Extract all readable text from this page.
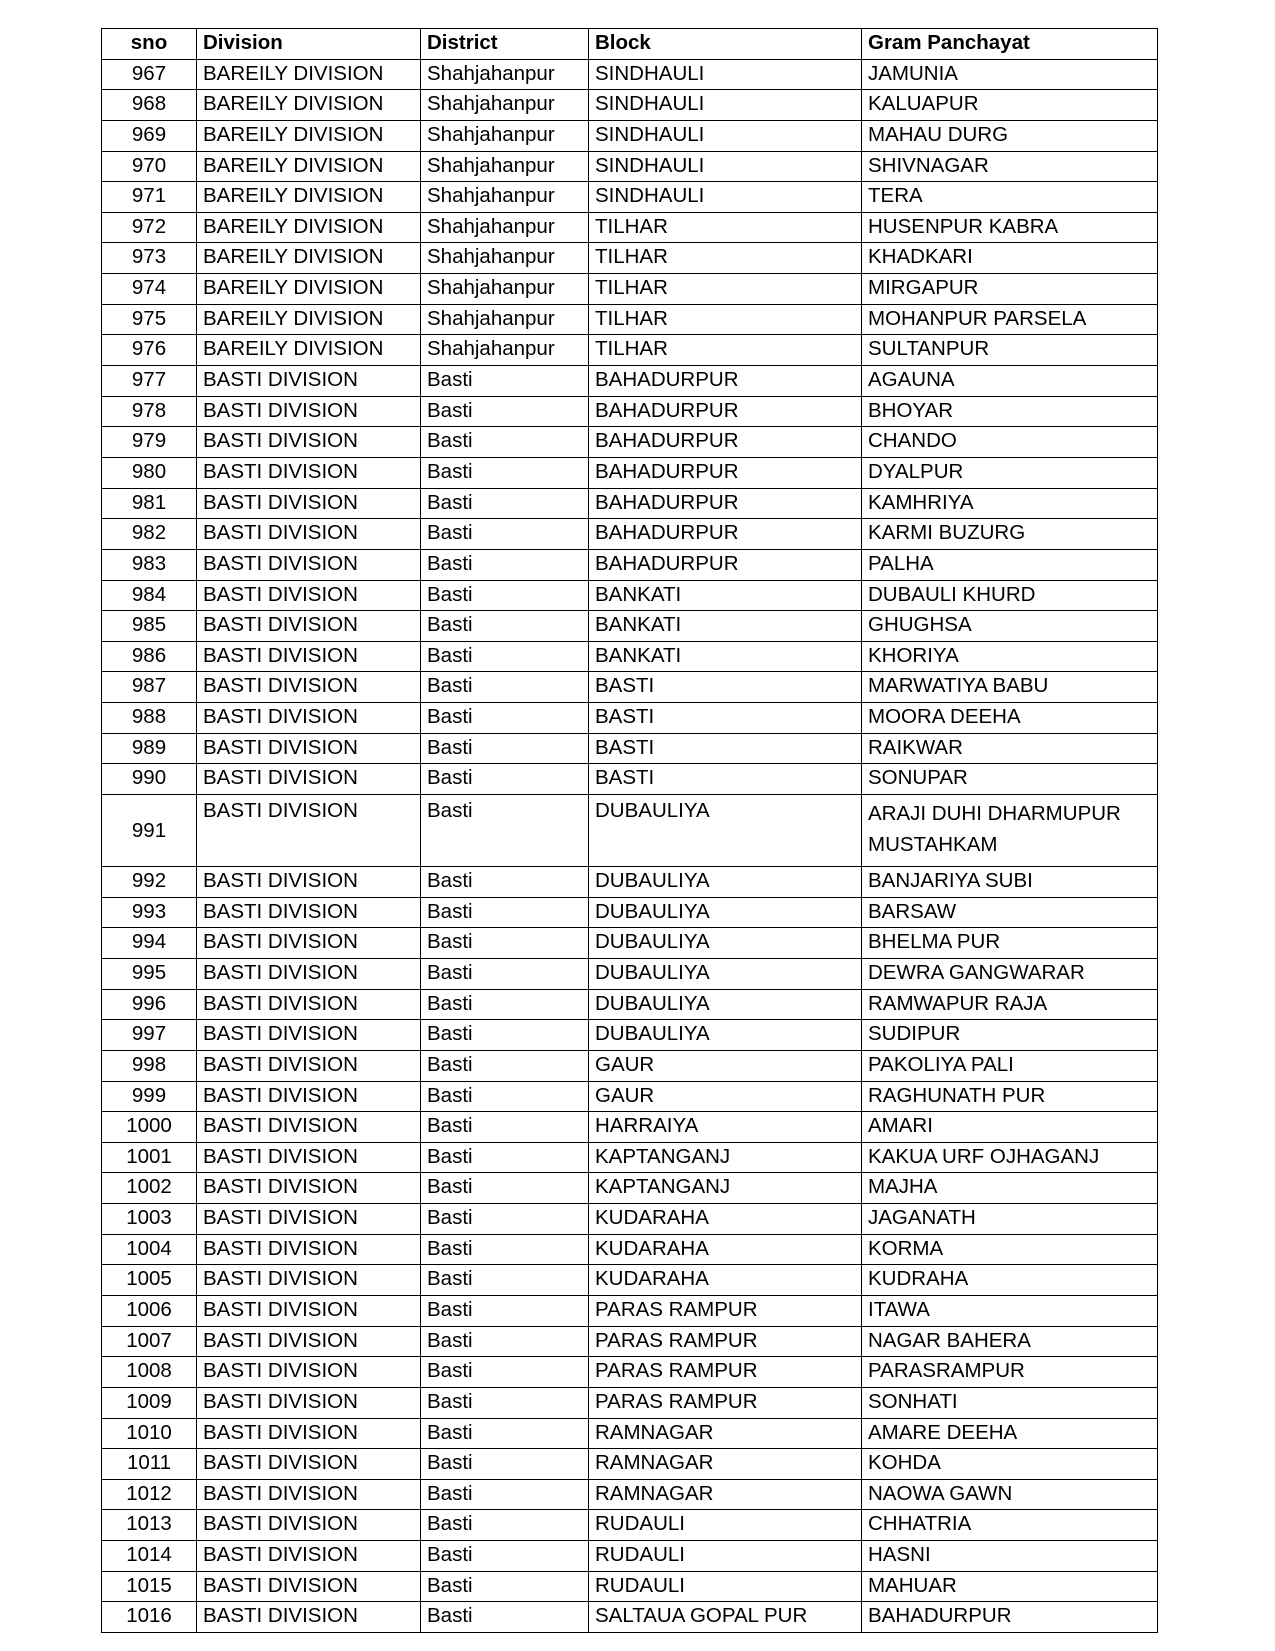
sno	Division	District	Block	Gram Panchayat
967	BAREILY DIVISION	Shahjahanpur	SINDHAULI	JAMUNIA
968	BAREILY DIVISION	Shahjahanpur	SINDHAULI	KALUAPUR
969	BAREILY DIVISION	Shahjahanpur	SINDHAULI	MAHAU DURG
970	BAREILY DIVISION	Shahjahanpur	SINDHAULI	SHIVNAGAR
971	BAREILY DIVISION	Shahjahanpur	SINDHAULI	TERA
972	BAREILY DIVISION	Shahjahanpur	TILHAR	HUSENPUR KABRA
973	BAREILY DIVISION	Shahjahanpur	TILHAR	KHADKARI
974	BAREILY DIVISION	Shahjahanpur	TILHAR	MIRGAPUR
975	BAREILY DIVISION	Shahjahanpur	TILHAR	MOHANPUR PARSELA
976	BAREILY DIVISION	Shahjahanpur	TILHAR	SULTANPUR
977	BASTI DIVISION	Basti	BAHADURPUR	AGAUNA
978	BASTI DIVISION	Basti	BAHADURPUR	BHOYAR
979	BASTI DIVISION	Basti	BAHADURPUR	CHANDO
980	BASTI DIVISION	Basti	BAHADURPUR	DYALPUR
981	BASTI DIVISION	Basti	BAHADURPUR	KAMHRIYA
982	BASTI DIVISION	Basti	BAHADURPUR	KARMI BUZURG
983	BASTI DIVISION	Basti	BAHADURPUR	PALHA
984	BASTI DIVISION	Basti	BANKATI	DUBAULI KHURD
985	BASTI DIVISION	Basti	BANKATI	GHUGHSA
986	BASTI DIVISION	Basti	BANKATI	KHORIYA
987	BASTI DIVISION	Basti	BASTI	MARWATIYA BABU
988	BASTI DIVISION	Basti	BASTI	MOORA DEEHA
989	BASTI DIVISION	Basti	BASTI	RAIKWAR
990	BASTI DIVISION	Basti	BASTI	SONUPAR
991	BASTI DIVISION	Basti	DUBAULIYA	ARAJI DUHI DHARMUPUR MUSTAHKAM
992	BASTI DIVISION	Basti	DUBAULIYA	BANJARIYA SUBI
993	BASTI DIVISION	Basti	DUBAULIYA	BARSAW
994	BASTI DIVISION	Basti	DUBAULIYA	BHELMA PUR
995	BASTI DIVISION	Basti	DUBAULIYA	DEWRA GANGWARAR
996	BASTI DIVISION	Basti	DUBAULIYA	RAMWAPUR RAJA
997	BASTI DIVISION	Basti	DUBAULIYA	SUDIPUR
998	BASTI DIVISION	Basti	GAUR	PAKOLIYA PALI
999	BASTI DIVISION	Basti	GAUR	RAGHUNATH PUR
1000	BASTI DIVISION	Basti	HARRAIYA	AMARI
1001	BASTI DIVISION	Basti	KAPTANGANJ	KAKUA URF OJHAGANJ
1002	BASTI DIVISION	Basti	KAPTANGANJ	MAJHA
1003	BASTI DIVISION	Basti	KUDARAHA	JAGANATH
1004	BASTI DIVISION	Basti	KUDARAHA	KORMA
1005	BASTI DIVISION	Basti	KUDARAHA	KUDRAHA
1006	BASTI DIVISION	Basti	PARAS RAMPUR	ITAWA
1007	BASTI DIVISION	Basti	PARAS RAMPUR	NAGAR BAHERA
1008	BASTI DIVISION	Basti	PARAS RAMPUR	PARASRAMPUR
1009	BASTI DIVISION	Basti	PARAS RAMPUR	SONHATI
1010	BASTI DIVISION	Basti	RAMNAGAR	AMARE DEEHA
1011	BASTI DIVISION	Basti	RAMNAGAR	KOHDA
1012	BASTI DIVISION	Basti	RAMNAGAR	NAOWA GAWN
1013	BASTI DIVISION	Basti	RUDAULI	CHHATRIA
1014	BASTI DIVISION	Basti	RUDAULI	HASNI
1015	BASTI DIVISION	Basti	RUDAULI	MAHUAR
1016	BASTI DIVISION	Basti	SALTAUA GOPAL PUR	BAHADURPUR
